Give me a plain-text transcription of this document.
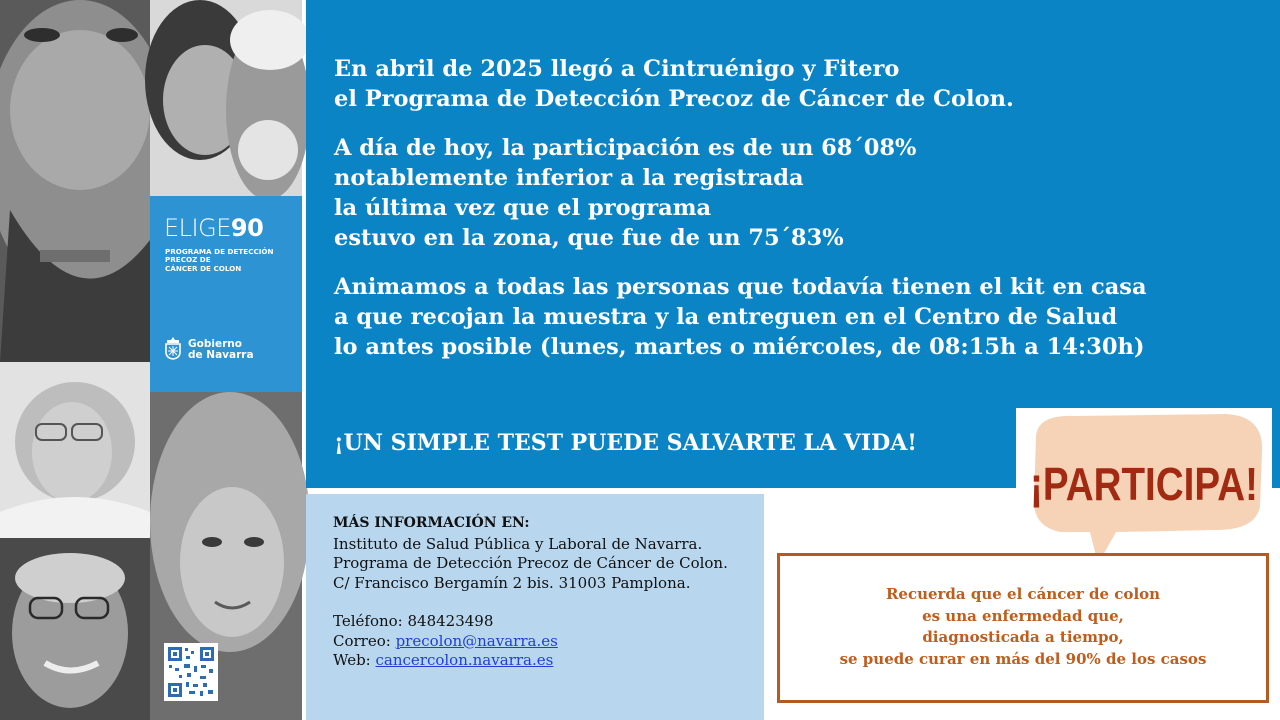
ELIGE90
PROGRAMA DE DETECCIÓN
PRECOZ DE
CÁNCER DE COLON
Gobierno de Navarra

En abril de 2025 llegó a Cintruénigo y Fitero
el Programa de Detección Precoz de Cáncer de Colon.

A día de hoy, la participación es de un 68´08%
notablemente inferior a la registrada
la última vez que el programa
estuvo en la zona, que fue de un 75´83%

Animamos a todas las personas que todavía tienen el kit en casa
a que recojan la muestra y la entreguen en el Centro de Salud
lo antes posible (lunes, martes o miércoles, de 08:15h a 14:30h)

¡UN SIMPLE TEST PUEDE SALVARTE LA VIDA!
MÁS INFORMACIÓN EN:
Instituto de Salud Pública y Laboral de Navarra.
Programa de Detección Precoz de Cáncer de Colon.
C/ Francisco Bergamín 2 bis. 31003 Pamplona.
Teléfono: 848423498
Correo: precolon@navarra.es
Web: cancercolon.navarra.es
¡PARTICIPA!
Recuerda que el cáncer de colon
es una enfermedad que,
diagnosticada a tiempo,
se puede curar en más del 90% de los casos
